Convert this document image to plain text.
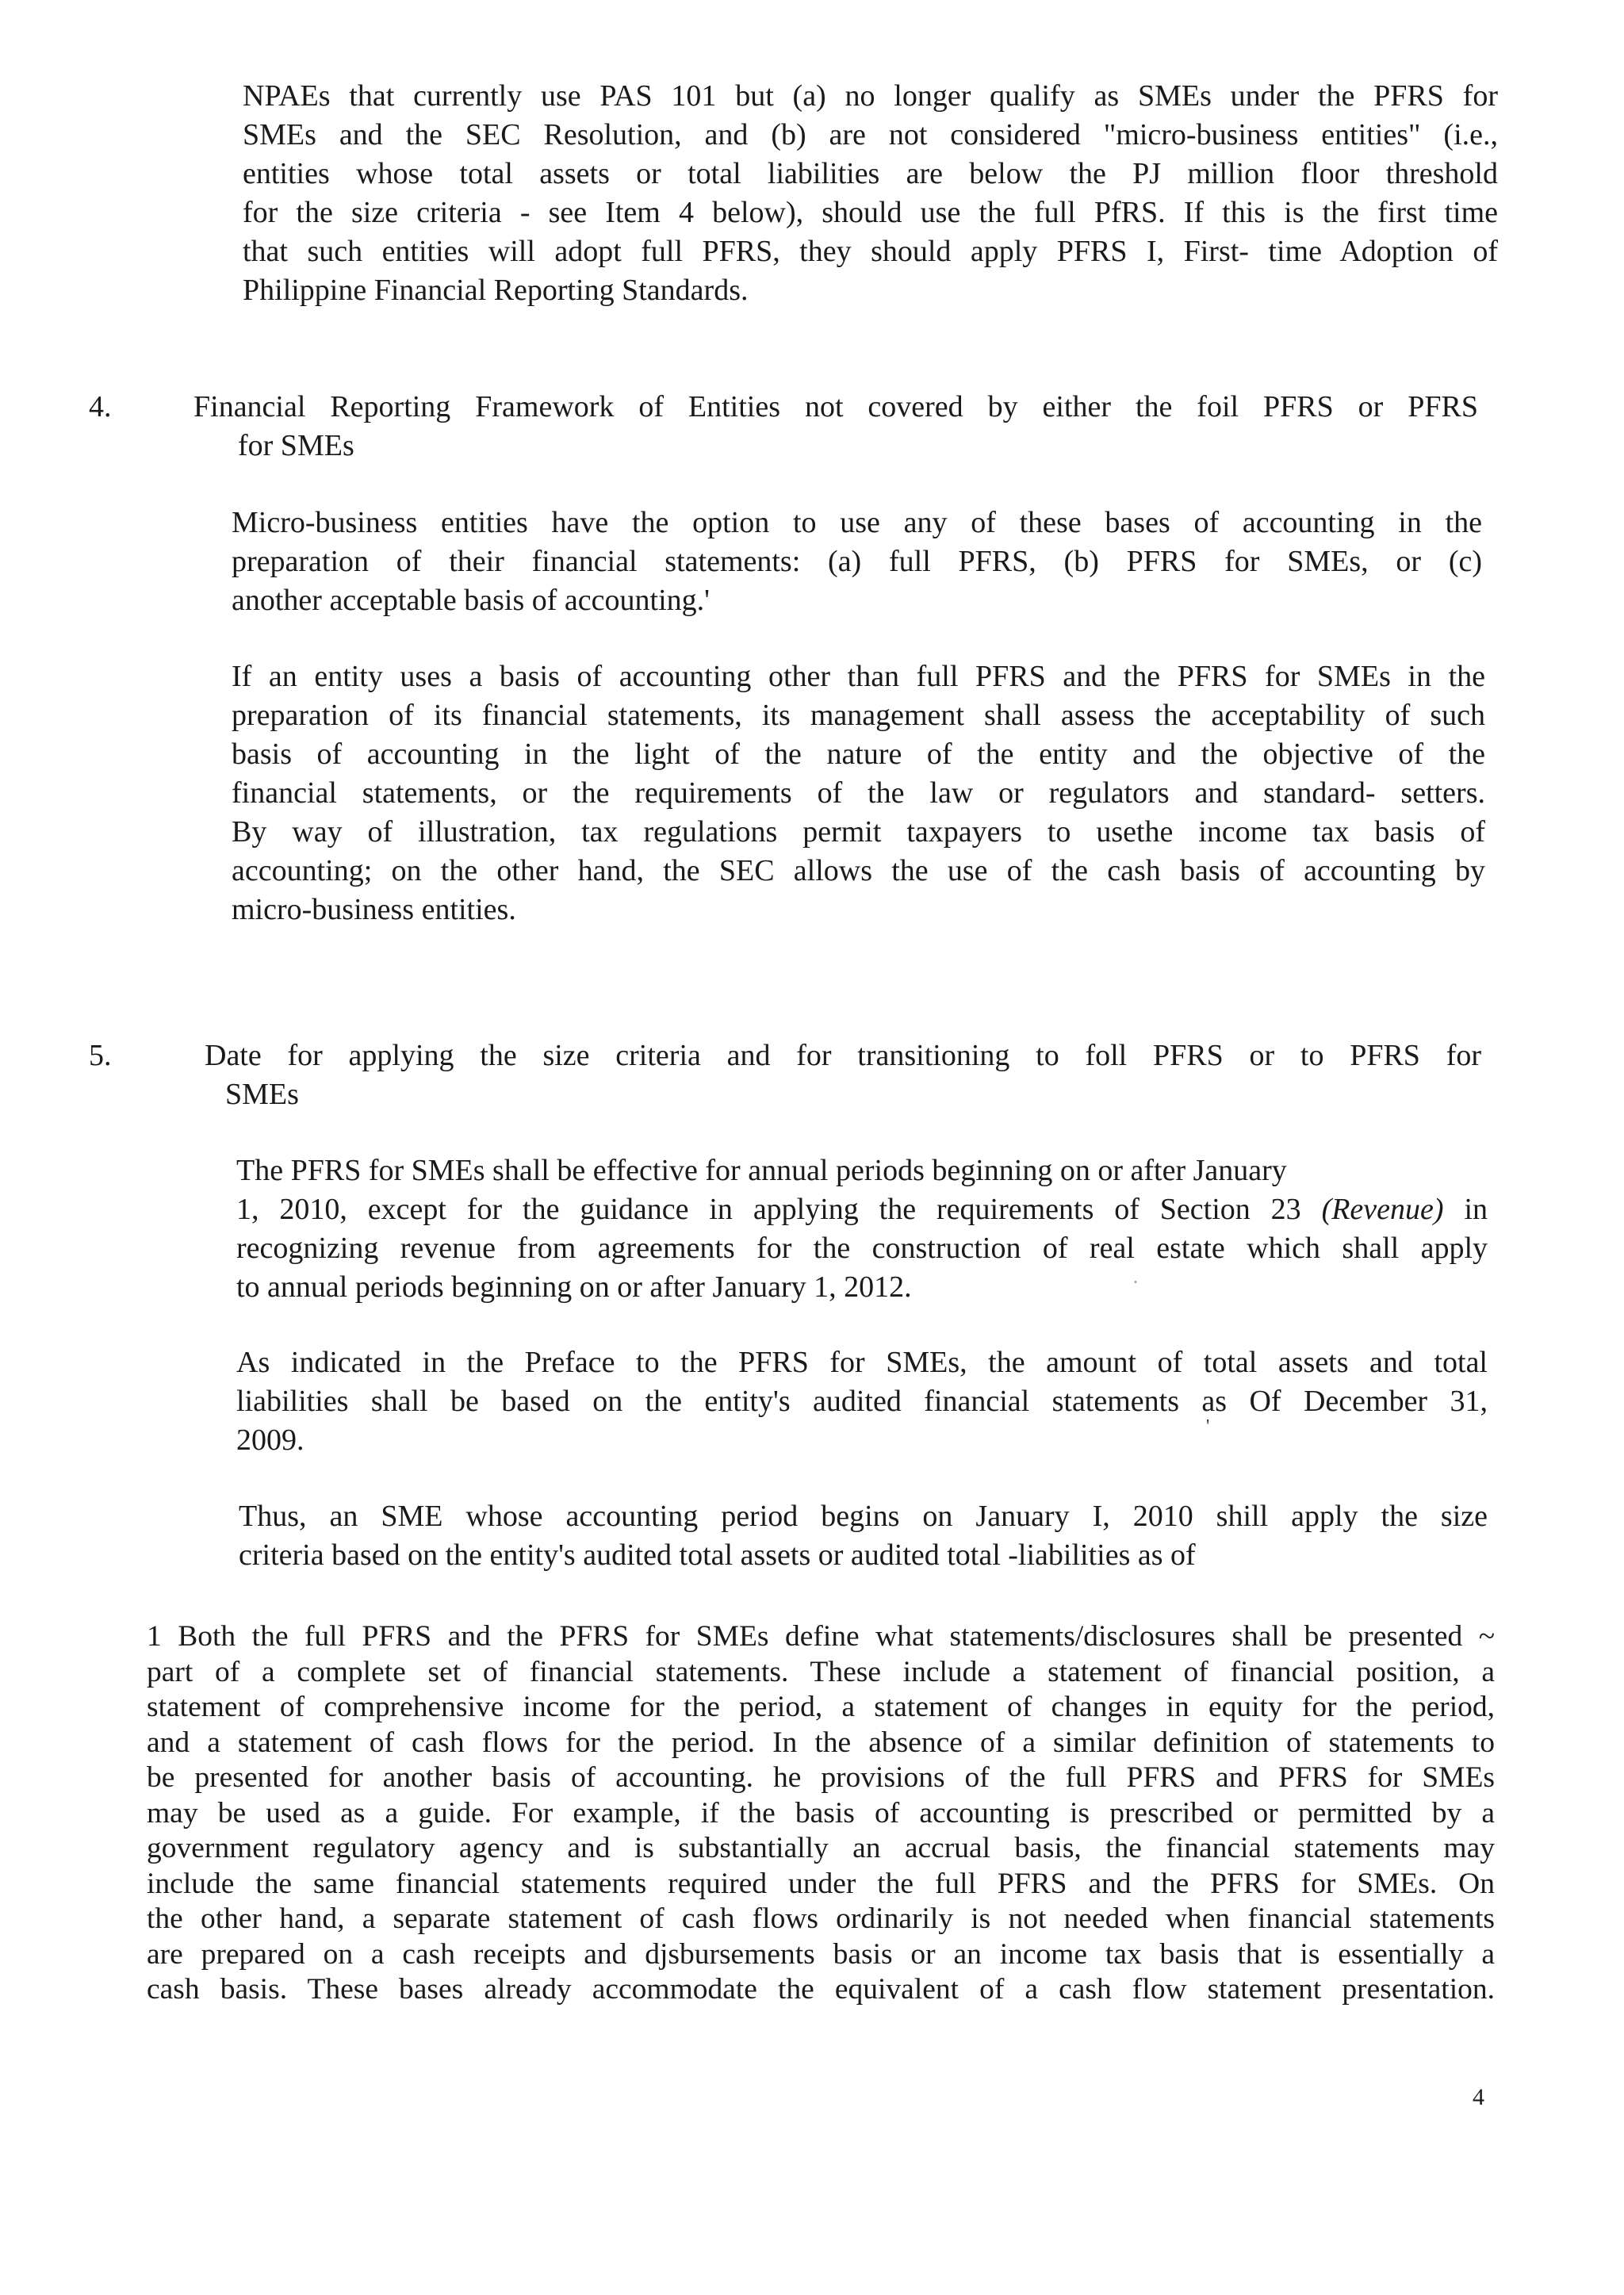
NPAEs that currently use PAS 101 but (a) no longer qualify as SMEs under the PFRS for
SMEs and the SEC Resolution, and (b) are not considered "micro-business entities" (i.e.,
entities whose total assets or total liabilities are below the PJ million floor threshold
for the size criteria - see Item 4 below), should use the full PfRS. If this is the first time
that such entities will adopt full PFRS, they should apply PFRS I, First- time Adoption of
Philippine Financial Reporting Standards.
4.	Financial Reporting Framework of Entities not covered by either the foil PFRS or PFRS
for SMEs
Micro-business entities have the option to use any of these bases of accounting in the
preparation of their financial statements: (a) full PFRS, (b) PFRS for SMEs, or (c)
another acceptable basis of accounting.'
If an entity uses a basis of accounting other than full PFRS and the PFRS for SMEs in the
preparation of its financial statements, its management shall assess the acceptability of such
basis of accounting in the light of the nature of the entity and the objective of the
financial statements, or the requirements of the law or regulators and standard- setters.
By way of illustration, tax regulations permit taxpayers to usethe income tax basis of
accounting; on the other hand, the SEC allows the use of the cash basis of accounting by
micro-business entities.
5.	Date for applying the size criteria and for transitioning to foll PFRS or to PFRS for
SMEs
The PFRS for SMEs shall be effective for annual periods beginning on or after January
1, 2010, except for the guidance in applying the requirements of Section 23 (Revenue) in
recognizing revenue from agreements for the construction of real estate which shall apply
to annual periods beginning on or after January 1, 2012.
As indicated in the Preface to the PFRS for SMEs, the amount of total assets and total
liabilities shall be based on the entity's audited financial statements as Of December 31,
2009.
Thus, an SME whose accounting period begins on January I, 2010 shill apply the size
criteria based on the entity's audited total assets or audited total -liabilities as of
1 Both the full PFRS and the PFRS for SMEs define what statements/disclosures shall be presented ~
part of a complete set of financial statements. These include a statement of financial position, a
statement of comprehensive income for the period, a statement of changes in equity for the period,
and a statement of cash flows for the period. In the absence of a similar definition of statements to
be presented for another basis of accounting. he provisions of the full PFRS and PFRS for SMEs
may be used as a guide. For example, if the basis of accounting is prescribed or permitted by a
government regulatory agency and is substantially an accrual basis, the financial statements may
include the same financial statements required under the full PFRS and the PFRS for SMEs. On
the other hand, a separate statement of cash flows ordinarily is not needed when financial statements
are prepared on a cash receipts and djsbursements basis or an income tax basis that is essentially a
cash basis. These bases already accommodate the equivalent of a cash flow statement presentation.
'
.
4
